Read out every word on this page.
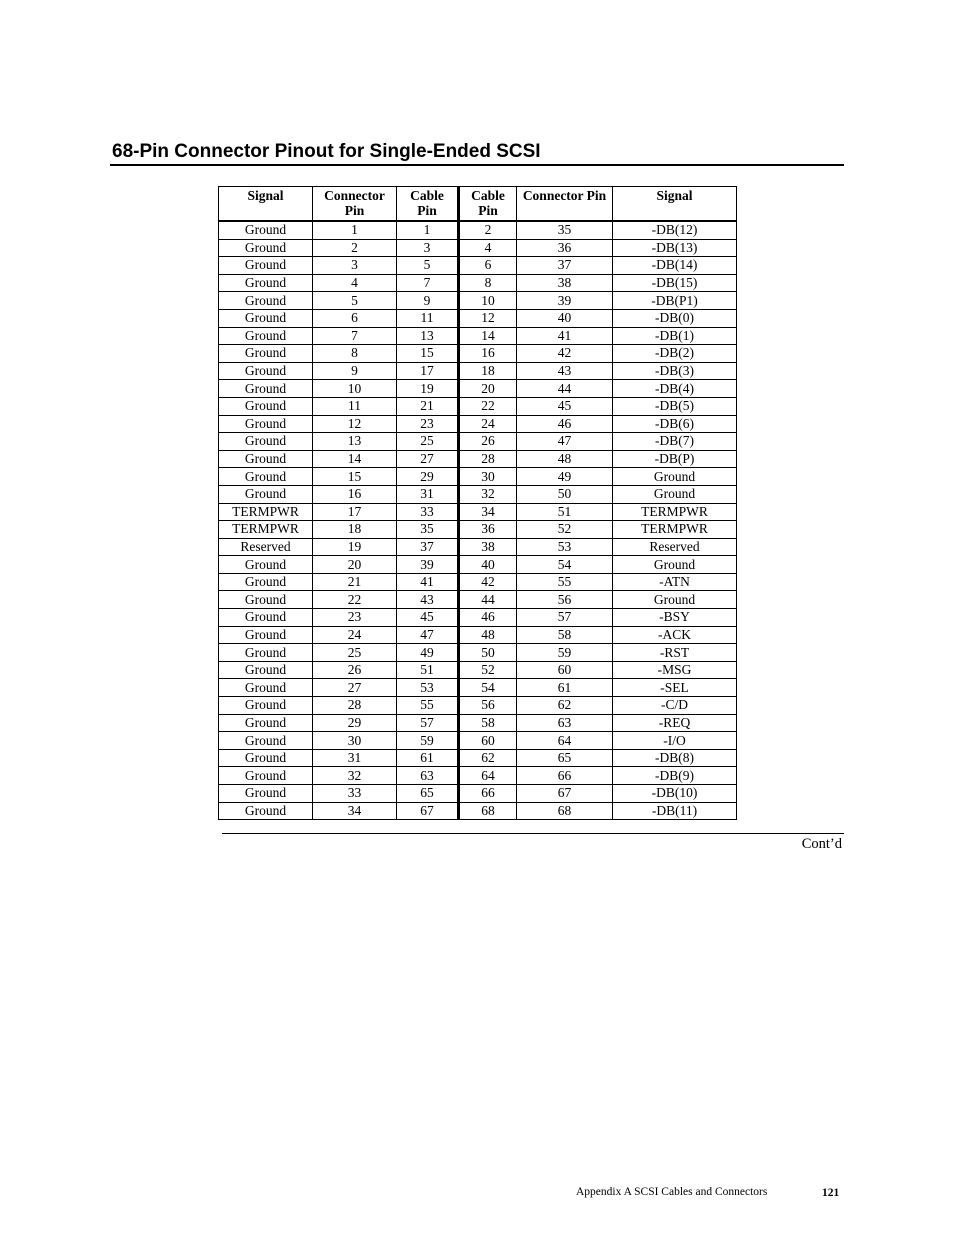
68-Pin Connector Pinout for Single-Ended SCSI
Signal	Connector Pin	Cable Pin	Cable Pin	Connector Pin	Signal
Ground	1	1	2	35	-DB(12)
Ground	2	3	4	36	-DB(13)
Ground	3	5	6	37	-DB(14)
Ground	4	7	8	38	-DB(15)
Ground	5	9	10	39	-DB(P1)
Ground	6	11	12	40	-DB(0)
Ground	7	13	14	41	-DB(1)
Ground	8	15	16	42	-DB(2)
Ground	9	17	18	43	-DB(3)
Ground	10	19	20	44	-DB(4)
Ground	11	21	22	45	-DB(5)
Ground	12	23	24	46	-DB(6)
Ground	13	25	26	47	-DB(7)
Ground	14	27	28	48	-DB(P)
Ground	15	29	30	49	Ground
Ground	16	31	32	50	Ground
TERMPWR	17	33	34	51	TERMPWR
TERMPWR	18	35	36	52	TERMPWR
Reserved	19	37	38	53	Reserved
Ground	20	39	40	54	Ground
Ground	21	41	42	55	-ATN
Ground	22	43	44	56	Ground
Ground	23	45	46	57	-BSY
Ground	24	47	48	58	-ACK
Ground	25	49	50	59	-RST
Ground	26	51	52	60	-MSG
Ground	27	53	54	61	-SEL
Ground	28	55	56	62	-C/D
Ground	29	57	58	63	-REQ
Ground	30	59	60	64	-I/O
Ground	31	61	62	65	-DB(8)
Ground	32	63	64	66	-DB(9)
Ground	33	65	66	67	-DB(10)
Ground	34	67	68	68	-DB(11)
Cont’d
Appendix A SCSI Cables and Connectors	121
